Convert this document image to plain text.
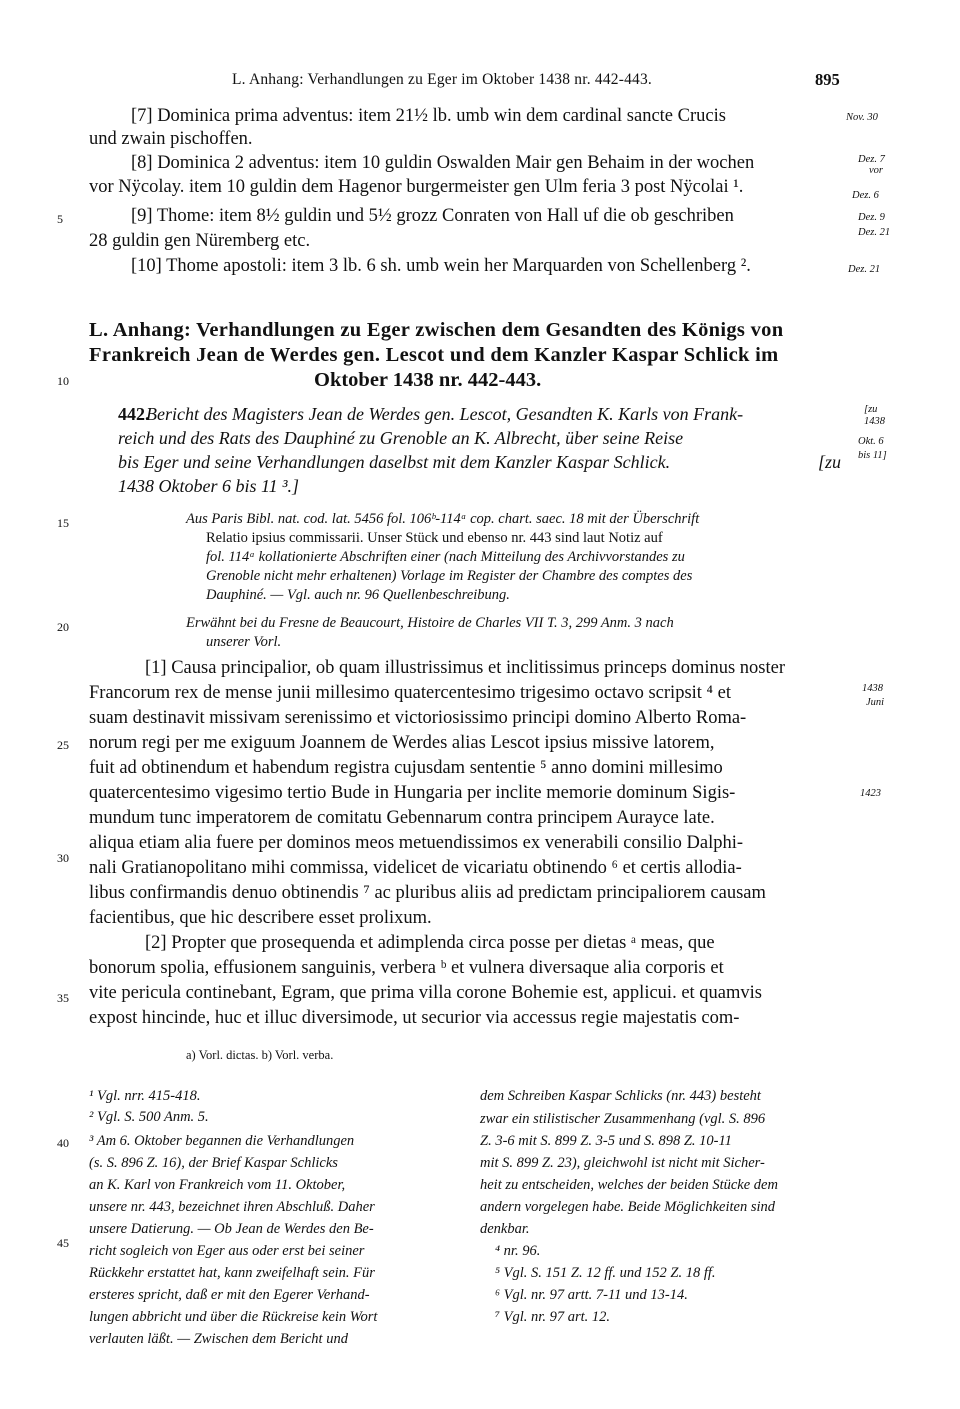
L. Anhang: Verhandlungen zu Eger im Oktober 1438 nr. 442-443.	895
[7] Dominica prima adventus: item 21½ lb. umb win dem cardinal sancte Crucis
und zwain pischoffen.
[8] Dominica 2 adventus: item 10 guldin Oswalden Mair gen Behaim in der wochen
vor Nÿcolay. item 10 guldin dem Hagenor burgermeister gen Ulm feria 3 post Nÿcolai ¹.
[9] Thome: item 8½ guldin und 5½ grozz Conraten von Hall uf die ob geschriben
28 guldin gen Nüremberg etc.
[10] Thome apostoli: item 3 lb. 6 sh. umb wein her Marquarden von Schellenberg ².
Nov. 30
Dez. 7
vor
Dez. 6
Dez. 9
Dez. 21
Dez. 21
5
10
15
20
25
30
35
40
45
L. Anhang: Verhandlungen zu Eger zwischen dem Gesandten des Königs von
Frankreich Jean de Werdes gen. Lescot und dem Kanzler Kaspar Schlick im
Oktober 1438 nr. 442-443.
442.
Bericht des Magisters Jean de Werdes gen. Lescot, Gesandten K. Karls von Frank-
reich und des Rats des Dauphiné zu Grenoble an K. Albrecht, über seine Reise
bis Eger und seine Verhandlungen daselbst mit dem Kanzler Kaspar Schlick.	[zu
1438 Oktober 6 bis 11 ³.]
[zu
1438
Okt. 6
bis 11]
Aus Paris Bibl. nat. cod. lat. 5456 fol. 106ᵇ-114ᵃ cop. chart. saec. 18 mit der Überschrift
Relatio ipsius commissarii. Unser Stück und ebenso nr. 443 sind laut Notiz auf
fol. 114ᵃ kollationierte Abschriften einer (nach Mitteilung des Archivvorstandes zu
Grenoble nicht mehr erhaltenen) Vorlage im Register der Chambre des comptes des
Dauphiné. — Vgl. auch nr. 96 Quellenbeschreibung.
Erwähnt bei du Fresne de Beaucourt, Histoire de Charles VII T. 3, 299 Anm. 3 nach
unserer Vorl.
[1] Causa principalior, ob quam illustrissimus et inclitissimus princeps dominus noster
Francorum rex de mense junii millesimo quatercentesimo trigesimo octavo scripsit ⁴ et
suam destinavit missivam serenissimo et victoriosissimo principi domino Alberto Roma-
norum regi per me exiguum Joannem de Werdes alias Lescot ipsius missive latorem,
fuit ad obtinendum et habendum registra cujusdam sententie ⁵ anno domini millesimo
quatercentesimo vigesimo tertio Bude in Hungaria per inclite memorie dominum Sigis-
mundum tunc imperatorem de comitatu Gebennarum contra principem Aurayce late.
aliqua etiam alia fuere per dominos meos metuendissimos ex venerabili consilio Dalphi-
nali Gratianopolitano mihi commissa, videlicet de vicariatu obtinendo ⁶ et certis allodia-
libus confirmandis denuo obtinendis ⁷ ac pluribus aliis ad predictam principaliorem causam
facientibus, que hic describere esset prolixum.
[2] Propter que prosequenda et adimplenda circa posse per dietas ᵃ meas, que
bonorum spolia, effusionem sanguinis, verbera ᵇ et vulnera diversaque alia corporis et
vite pericula continebant, Egram, que prima villa corone Bohemie est, applicui. et quamvis
expost hincinde, huc et illuc diversimode, ut securior via accessus regie majestatis com-
1438
Juni
1423
a) Vorl. dictas. b) Vorl. verba.
¹ Vgl. nrr. 415-418.
² Vgl. S. 500 Anm. 5.
³ Am 6. Oktober begannen die Verhandlungen
(s. S. 896 Z. 16), der Brief Kaspar Schlicks
an K. Karl von Frankreich vom 11. Oktober,
unsere nr. 443, bezeichnet ihren Abschluß. Daher
unsere Datierung. — Ob Jean de Werdes den Be-
richt sogleich von Eger aus oder erst bei seiner
Rückkehr erstattet hat, kann zweifelhaft sein. Für
ersteres spricht, daß er mit den Egerer Verhand-
lungen abbricht und über die Rückreise kein Wort
verlauten läßt. — Zwischen dem Bericht und
dem Schreiben Kaspar Schlicks (nr. 443) besteht
zwar ein stilistischer Zusammenhang (vgl. S. 896
Z. 3-6 mit S. 899 Z. 3-5 und S. 898 Z. 10-11
mit S. 899 Z. 23), gleichwohl ist nicht mit Sicher-
heit zu entscheiden, welches der beiden Stücke dem
andern vorgelegen habe. Beide Möglichkeiten sind
denkbar.
⁴ nr. 96.
⁵ Vgl. S. 151 Z. 12 ff. und 152 Z. 18 ff.
⁶ Vgl. nr. 97 artt. 7-11 und 13-14.
⁷ Vgl. nr. 97 art. 12.
